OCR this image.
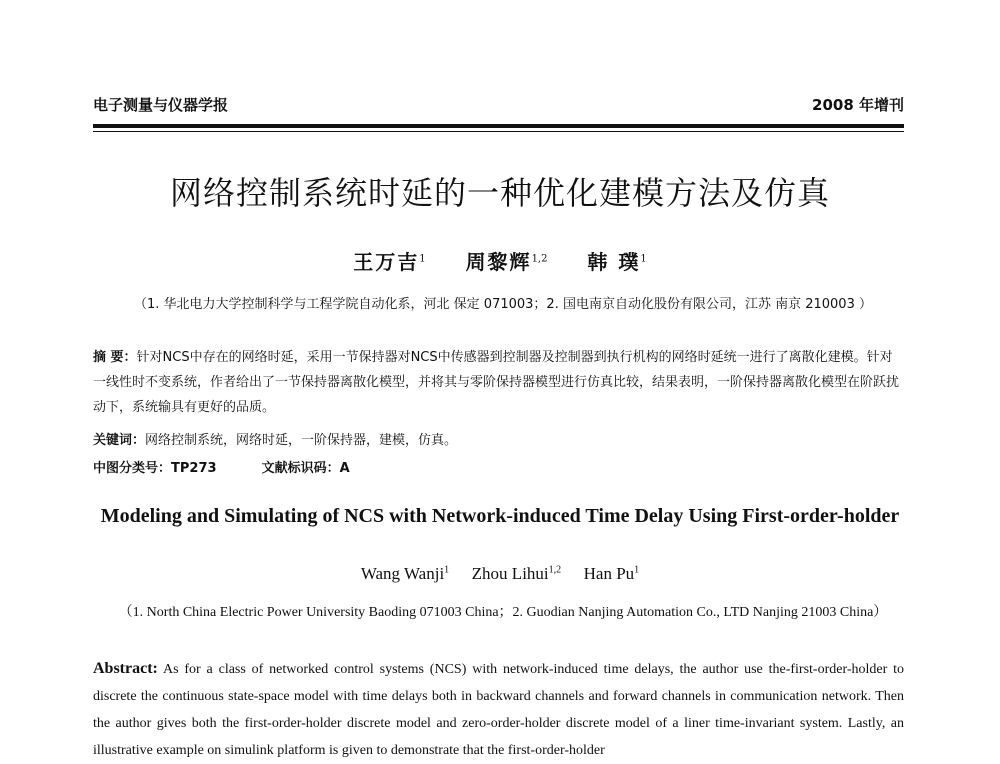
电子测量与仪器学报	2008 年增刊
网络控制系统时延的一种优化建模方法及仿真
王万吉$^1$ 周黎辉$^{1,2}$ 韩 璞$^1$
（1. 华北电力大学控制科学与工程学院自动化系，河北 保定 071003；2. 国电南京自动化股份有限公司，江苏 南京 210003 ）
摘 要：针对NCS中存在的网络时延，采用一节保持器对NCS中传感器到控制器及控制器到执行机构的网络时延统一进行了离散化建模。针对一线性时不变系统，作者给出了一节保持器离散化模型，并将其与零阶保持器模型进行仿真比较，结果表明，一阶保持器离散化模型在阶跃扰动下，系统输具有更好的品质。
关键词：网络控制系统，网络时延，一阶保持器，建模，仿真。
中图分类号：TP273	文献标识码：A
Modeling and Simulating of NCS with Network-induced Time Delay Using First-order-holder
Wang Wanji$^1$ Zhou Lihui$^{1,2}$ Han Pu$^1$
（1. North China Electric Power University Baoding 071003 China；2. Guodian Nanjing Automation Co., LTD Nanjing 21003 China）
Abstract: As for a class of networked control systems (NCS) with network-induced time delays, the author use the-first-order-holder to discrete the continuous state-space model with time delays both in backward channels and forward channels in communication network. Then the author gives both the first-order-holder discrete model and zero-order-holder discrete model of a liner time-invariant system. Lastly, an illustrative example on simulink platform is given to demonstrate that the first-order-holder
